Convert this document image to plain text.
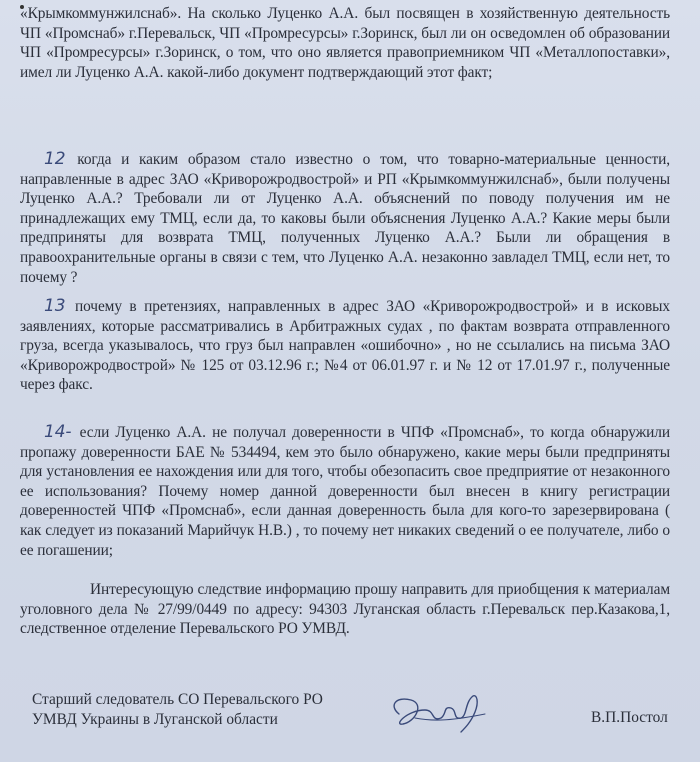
«Крымкоммунжилснаб». На сколько Луценко А.А. был посвящен в хозяйственную деятельность ЧП «Промснаб» г.Перевальск, ЧП «Промресурсы» г.Зоринск, был ли он осведомлен об образовании ЧП «Промресурсы» г.Зоринск, о том, что оно является правоприемником ЧП «Металлопоставки», имел ли Луценко А.А. какой-либо документ подтверждающий этот факт;
12 когда и каким образом стало известно о том, что товарно-материальные ценности, направленные в адрес ЗАО «Криворожродвострой» и РП «Крымкоммунжилснаб», были получены Луценко А.А.? Требовали ли от Луценко А.А. объяснений по поводу получения им не принадлежащих ему ТМЦ, если да, то каковы были объяснения Луценко А.А.? Какие меры были предприняты для возврата ТМЦ, полученных Луценко А.А.? Были ли обращения в правоохранительные органы в связи с тем, что Луценко А.А. незаконно завладел ТМЦ, если нет, то почему ?
13 почему в претензиях, направленных в адрес ЗАО «Криворожродвострой» и в исковых заявлениях, которые рассматривались в Арбитражных судах , по фактам возврата отправленного груза, всегда указывалось, что груз был направлен «ошибочно» , но не ссылались на письма ЗАО «Криворожродвострой» № 125 от 03.12.96 г.; №4 от 06.01.97 г. и № 12 от 17.01.97 г., полученные через факс.
14- если Луценко А.А. не получал доверенности в ЧПФ «Промснаб», то когда обнаружили пропажу доверенности БАЕ № 534494, кем это было обнаружено, какие меры были предприняты для установления ее нахождения или для того, чтобы обезопасить свое предприятие от незаконного ее использования? Почему номер данной доверенности был внесен в книгу регистрации доверенностей ЧПФ «Промснаб», если данная доверенность была для кого-то зарезервирована ( как следует из показаний Марийчук Н.В.) , то почему нет никаких сведений о ее получателе, либо о ее погашении;
Интересующую следствие информацию прошу направить для приобщения к материалам уголовного дела № 27/99/0449 по адресу: 94303 Луганская область г.Перевальск пер.Казакова,1, следственное отделение Перевальского РО УМВД.
Старший следователь СО Перевальского РО
УМВД Украины в Луганской области	В.П.Постол
